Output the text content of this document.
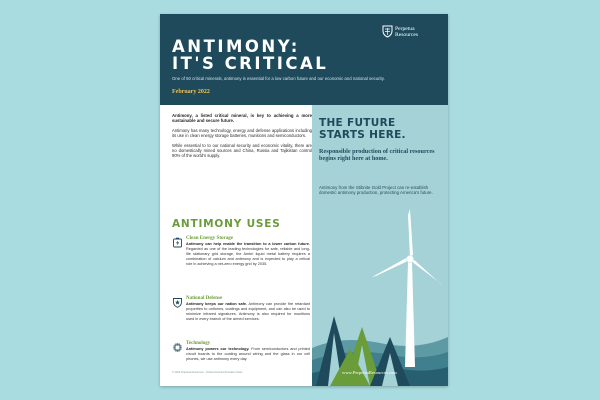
ANTIMONY:
IT'S CRITICAL
One of 50 critical minerals, antimony is essential for a low carbon future and our economic and national security.
February 2022
Perpetua
Resources

Antimony, a listed critical mineral, is key to achieving a more sustainable and secure future.

Antimony has many technology, energy and defense applications including its use in clean energy storage batteries, munitions and semiconductors.

While essential to to our national security and economic vitality, there are no domestically mined sources and China, Russia and Tajikistan control 90% of the world's supply.

ANTIMONY USES
Clean Energy Storage
Antimony can help enable the transition to a lower carbon future. Regarded as one of the leading technologies for safe, reliable and long-life stationary grid storage, the Ambri liquid metal battery requires a combination of calcium and antimony and is expected to play a critical role in achieving a net-zero energy grid by 2035.
National Defense
Antimony keeps our nation safe. Antimony can provide fire retardant properties to uniforms, coatings and equipment, and can also be used to minimize infrared signatures. Antimony is also required for munitions used in every branch of the armed services.
Technology
Antimony powers our technology. From semiconductors and printed circuit boards to the coating around wiring and the glass in our cell phones, we use antimony every day.
© 2022 Perpetua Resources · Critical mineral information sheet
THE FUTURE
STARTS HERE.
Responsible production of critical resources begins right here at home.
Antimony from the Stibnite Gold Project can re-establish domestic antimony production, protecting America's future.
www.PerpetuaResources.com
